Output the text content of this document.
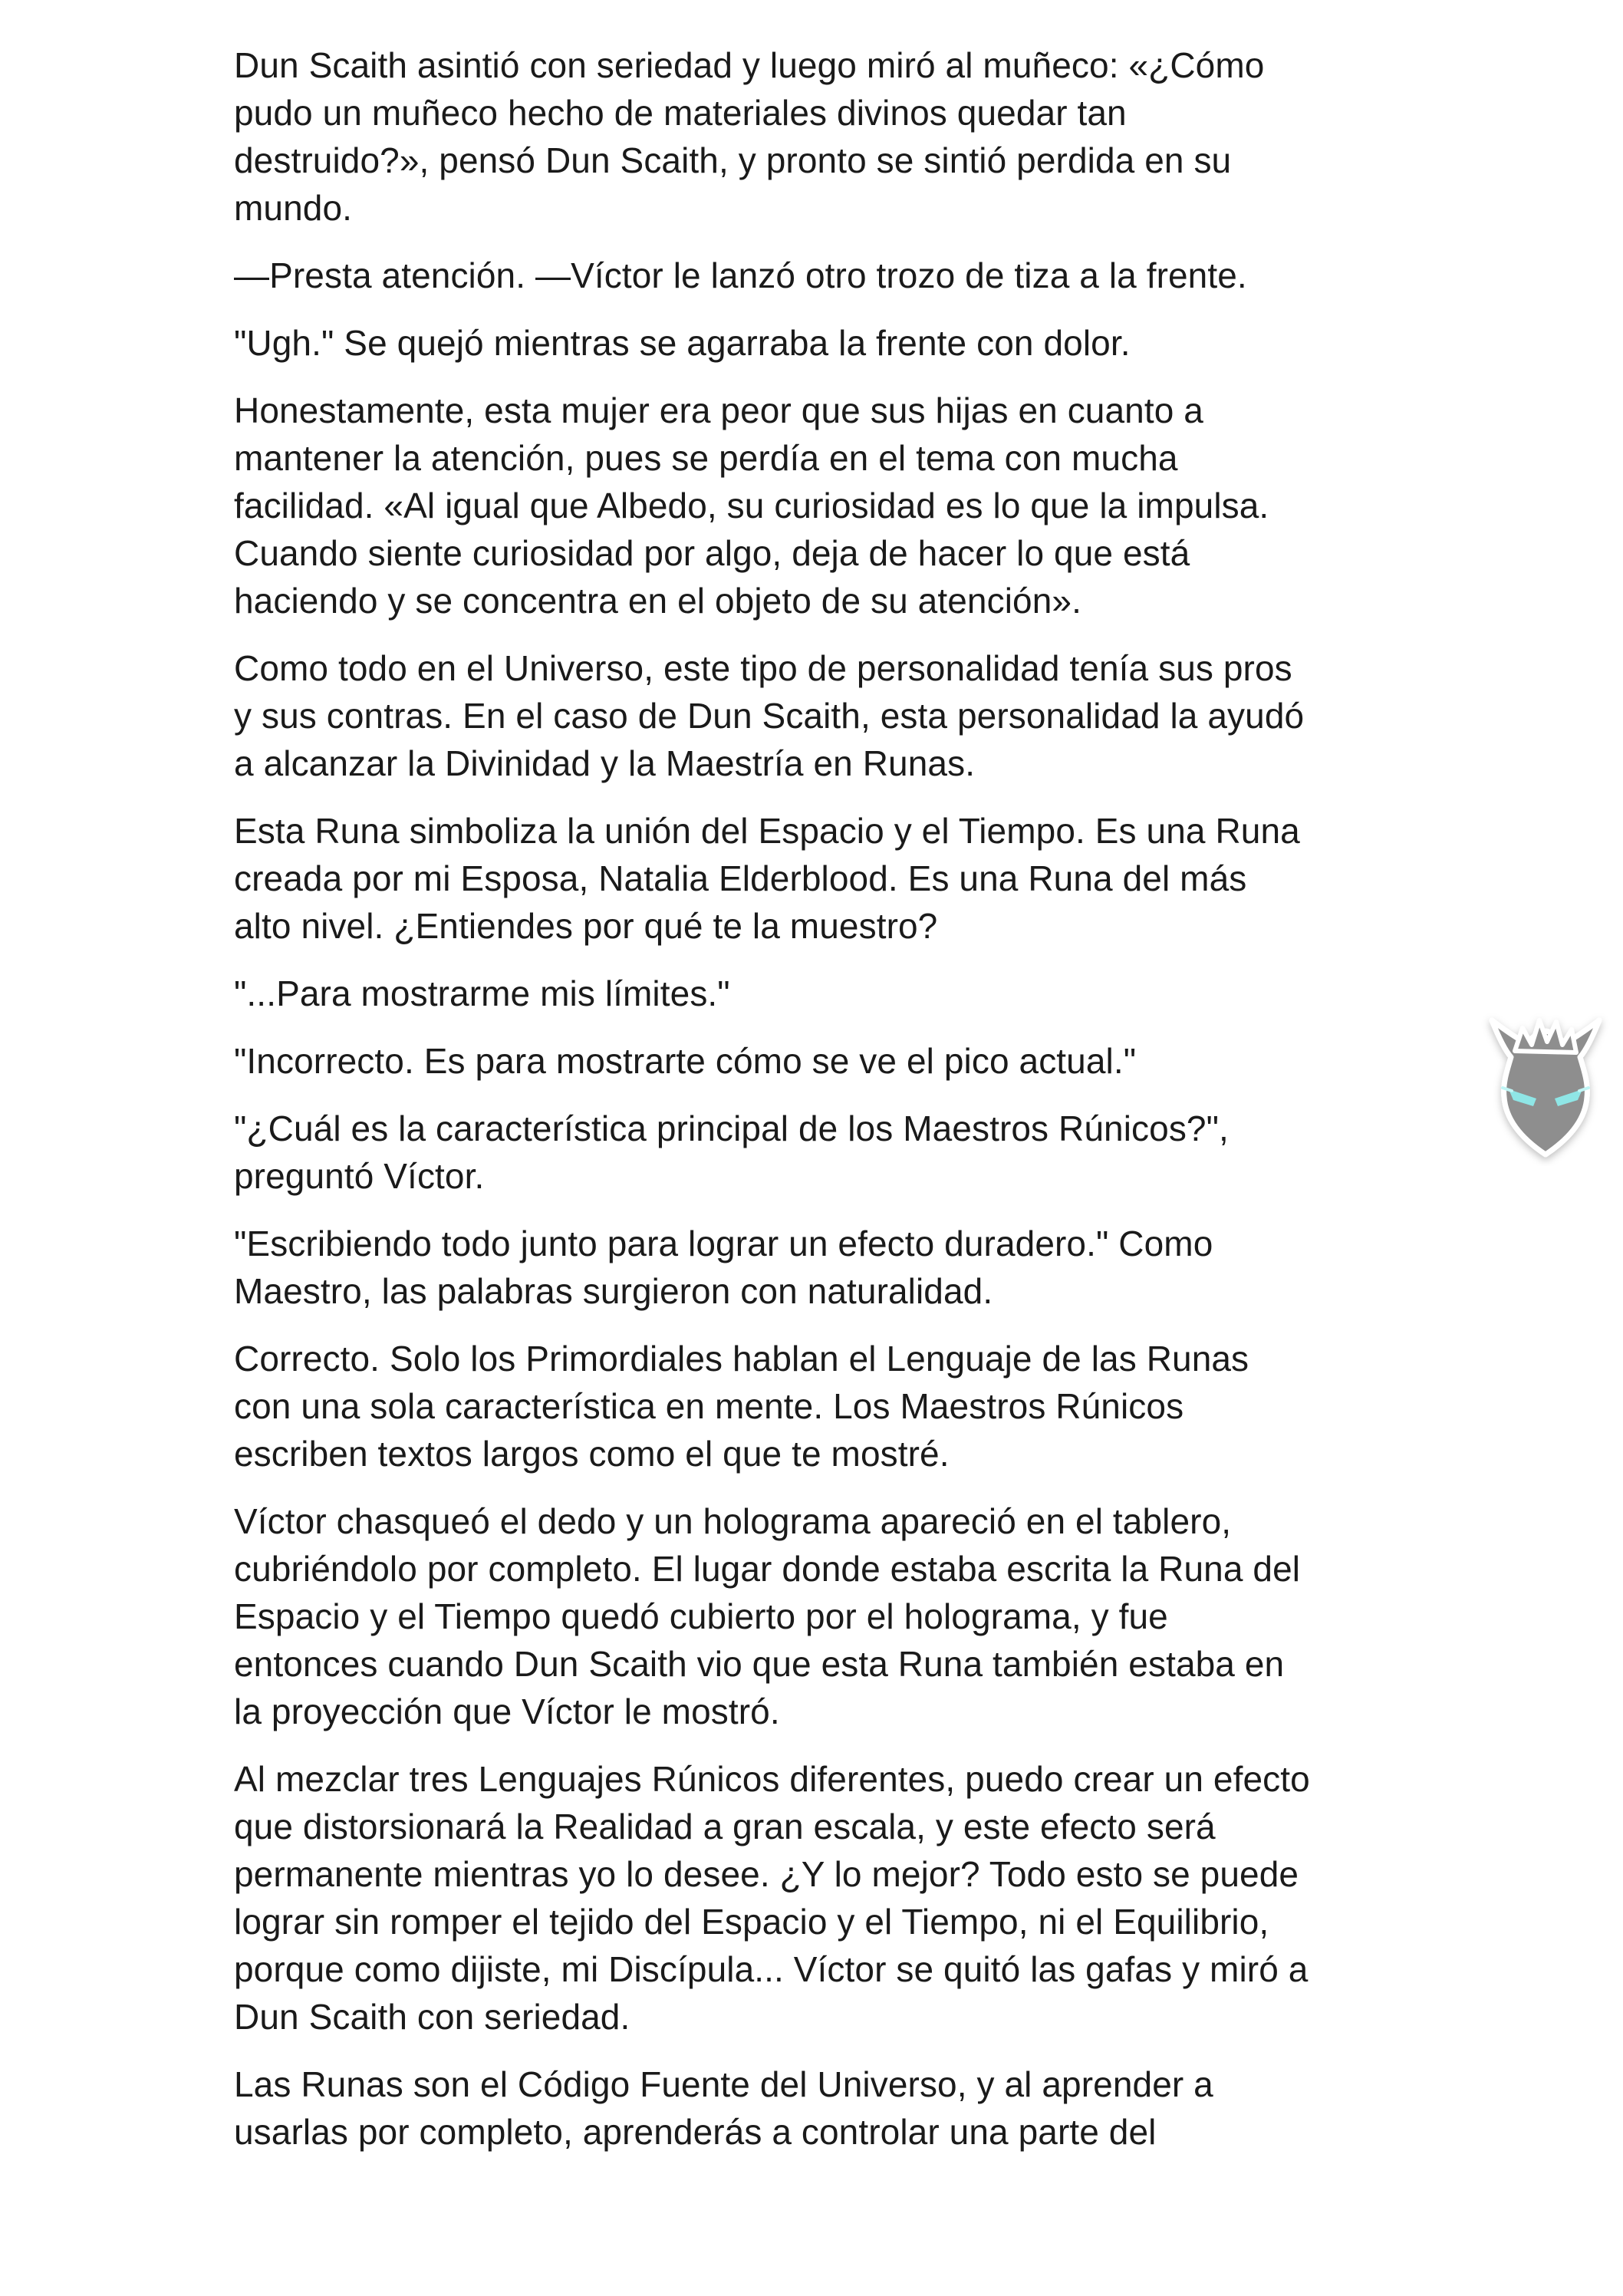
Dun Scaith asintió con seriedad y luego miró al muñeco: «¿Cómo
pudo un muñeco hecho de materiales divinos quedar tan
destruido?», pensó Dun Scaith, y pronto se sintió perdida en su
mundo.

—Presta atención. —Víctor le lanzó otro trozo de tiza a la frente.

"Ugh." Se quejó mientras se agarraba la frente con dolor.

Honestamente, esta mujer era peor que sus hijas en cuanto a
mantener la atención, pues se perdía en el tema con mucha
facilidad. «Al igual que Albedo, su curiosidad es lo que la impulsa.
Cuando siente curiosidad por algo, deja de hacer lo que está
haciendo y se concentra en el objeto de su atención».

Como todo en el Universo, este tipo de personalidad tenía sus pros
y sus contras. En el caso de Dun Scaith, esta personalidad la ayudó
a alcanzar la Divinidad y la Maestría en Runas.

Esta Runa simboliza la unión del Espacio y el Tiempo. Es una Runa
creada por mi Esposa, Natalia Elderblood. Es una Runa del más
alto nivel. ¿Entiendes por qué te la muestro?

"...Para mostrarme mis límites."

"Incorrecto. Es para mostrarte cómo se ve el pico actual."

"¿Cuál es la característica principal de los Maestros Rúnicos?",
preguntó Víctor.

"Escribiendo todo junto para lograr un efecto duradero." Como
Maestro, las palabras surgieron con naturalidad.

Correcto. Solo los Primordiales hablan el Lenguaje de las Runas
con una sola característica en mente. Los Maestros Rúnicos
escriben textos largos como el que te mostré.

Víctor chasqueó el dedo y un holograma apareció en el tablero,
cubriéndolo por completo. El lugar donde estaba escrita la Runa del
Espacio y el Tiempo quedó cubierto por el holograma, y fue
entonces cuando Dun Scaith vio que esta Runa también estaba en
la proyección que Víctor le mostró.

Al mezclar tres Lenguajes Rúnicos diferentes, puedo crear un efecto
que distorsionará la Realidad a gran escala, y este efecto será
permanente mientras yo lo desee. ¿Y lo mejor? Todo esto se puede
lograr sin romper el tejido del Espacio y el Tiempo, ni el Equilibrio,
porque como dijiste, mi Discípula... Víctor se quitó las gafas y miró a
Dun Scaith con seriedad.

Las Runas son el Código Fuente del Universo, y al aprender a
usarlas por completo, aprenderás a controlar una parte del
